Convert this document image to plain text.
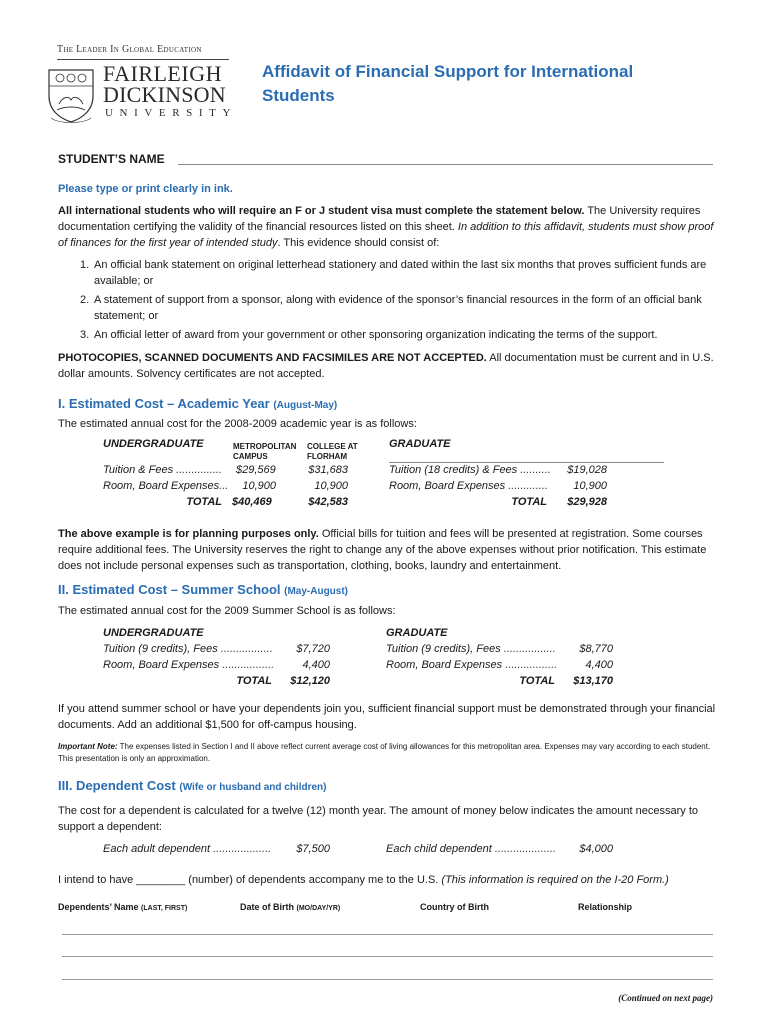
The Leader In Global Education
FAIRLEIGH
DICKINSON
UNIVERSITY
Affidavit of Financial Support for International Students
STUDENT’S NAME
Please type or print clearly in ink.
All international students who will require an F or J student visa must complete the statement below. The University requires documentation certifying the validity of the financial resources listed on this sheet. In addition to this affidavit, students must show proof of finances for the first year of intended study. This evidence should consist of:
1. An official bank statement on original letterhead stationery and dated within the last six months that proves sufficient funds are available; or
2. A statement of support from a sponsor, along with evidence of the sponsor’s financial resources in the form of an official bank statement; or
3. An official letter of award from your government or other sponsoring organization indicating the terms of the support.
PHOTOCOPIES, SCANNED DOCUMENTS AND FACSIMILES ARE NOT ACCEPTED. All documentation must be current and in U.S. dollar amounts. Solvency certificates are not accepted.
I. Estimated Cost – Academic Year (August-May)
The estimated annual cost for the 2008-2009 academic year is as follows:
UNDERGRADUATE	METROPOLITAN CAMPUS
COLLEGE AT FLORHAM
GRADUATE
Tuition & Fees ............... $29,569	$31,683
Room, Board Expenses...	10,900	10,900
TOTAL $40,469	$42,583
Tuition (18 credits) & Fees ..........	$19,028
Room, Board Expenses .............	10,900
TOTAL	$29,928
The above example is for planning purposes only. Official bills for tuition and fees will be presented at registration. Some courses require additional fees. The University reserves the right to change any of the above expenses without prior notification. This estimate does not include personal expenses such as transportation, clothing, books, laundry and entertainment.
II. Estimated Cost – Summer School (May-August)
The estimated annual cost for the 2009 Summer School is as follows:
UNDERGRADUATE	GRADUATE
Tuition (9 credits), Fees .................	$7,720
Room, Board Expenses .................	4,400
TOTAL	$12,120
Tuition (9 credits), Fees .................	$8,770
Room, Board Expenses .................	4,400
TOTAL	$13,170
If you attend summer school or have your dependents join you, sufficient financial support must be demonstrated through your financial documents. Add an additional $1,500 for off-campus housing.
Important Note: The expenses listed in Section I and II above reflect current average cost of living allowances for this metropolitan area. Expenses may vary according to each student. This presentation is only an approximation.
III. Dependent Cost (Wife or husband and children)
The cost for a dependent is calculated for a twelve (12) month year. The amount of money below indicates the amount necessary to support a dependent:
Each adult dependent ...................	$7,500	Each child dependent ....................	$4,000
I intend to have ________ (number) of dependents accompany me to the U.S. (This information is required on the I-20 Form.)
Dependents’ Name (LAST, FIRST)	Date of Birth (MO/DAY/YR)	Country of Birth	Relationship
(Continued on next page)
